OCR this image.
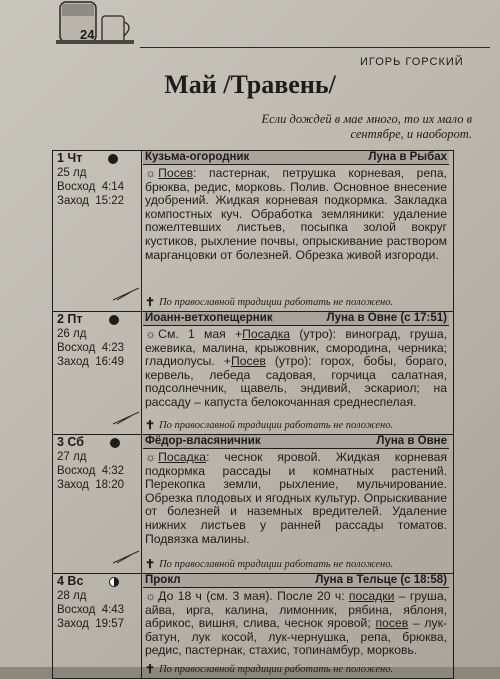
24
ИГОРЬ ГОРСКИЙ
Май /Травень/
Если дождей в мае много, то их мало в сентябре, и наоборот.
1 Чт
25 лд
Восход 4:14
Заход 15:22
Кузьма-огородник	Луна в Рыбах
☼ Посев: пастернак, петрушка корневая, репа, брюква, редис, морковь. Полив. Основное внесение удобрений. Жидкая корневая подкормка. Закладка компостных куч. Обработка земляники: удаление пожелтевших листьев, посыпка золой вокруг кустиков, рыхление почвы, опрыскивание раствором марганцовки от болезней. Обрезка живой изгороди.
✝ По православной традиции работать не положено.
2 Пт
26 лд
Восход 4:23
Заход 16:49
Иоанн-ветхопещерник	Луна в Овне (с 17:51)
☼ См. 1 мая +Посадка (утро): виноград, груша, ежевика, малина, крыжовник, смородина, черника; гладиолусы. +Посев (утро): горох, бобы, бораго, кервель, лебеда садовая, горчица салатная, подсолнечник, щавель, эндивий, эскариол; на рассаду – капуста белокочанная среднеспелая.
✝ По православной традиции работать не положено.
3 Сб
27 лд
Восход 4:32
Заход 18:20
Фёдор-власяничник	Луна в Овне
☼ Посадка: чеснок яровой. Жидкая корневая подкормка рассады и комнатных растений. Перекопка земли, рыхление, мульчирование. Обрезка плодовых и ягодных культур. Опрыскивание от болезней и наземных вредителей. Удаление нижних листьев у ранней рассады томатов. Подвязка малины.
✝ По православной традиции работать не положено.
4 Вс
28 лд
Восход 4:43
Заход 19:57
Прокл	Луна в Тельце (с 18:58)
☼ До 18 ч (см. 3 мая). После 20 ч: посадки – груша, айва, ирга, калина, лимонник, рябина, яблоня, абрикос, вишня, слива, чеснок яровой; посев – лук-батун, лук косой, лук-чернушка, репа, брюква, редис, пастернак, стахис, топинамбур, морковь.
✝ По православной традиции работать не положено.
